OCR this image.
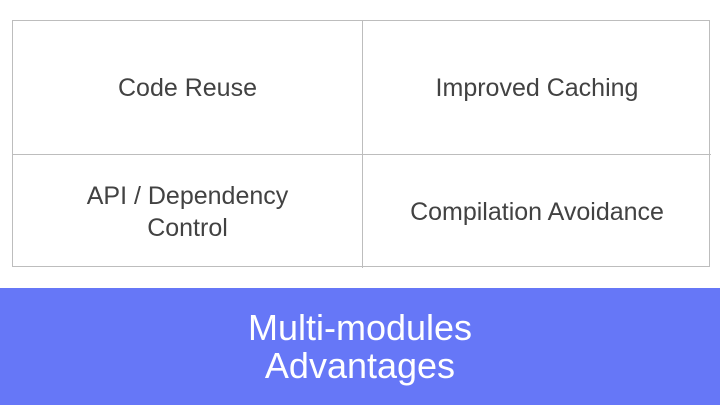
Code Reuse	Improved Caching
API / Dependency
Control
Compilation Avoidance
Multi-modules
Advantages
